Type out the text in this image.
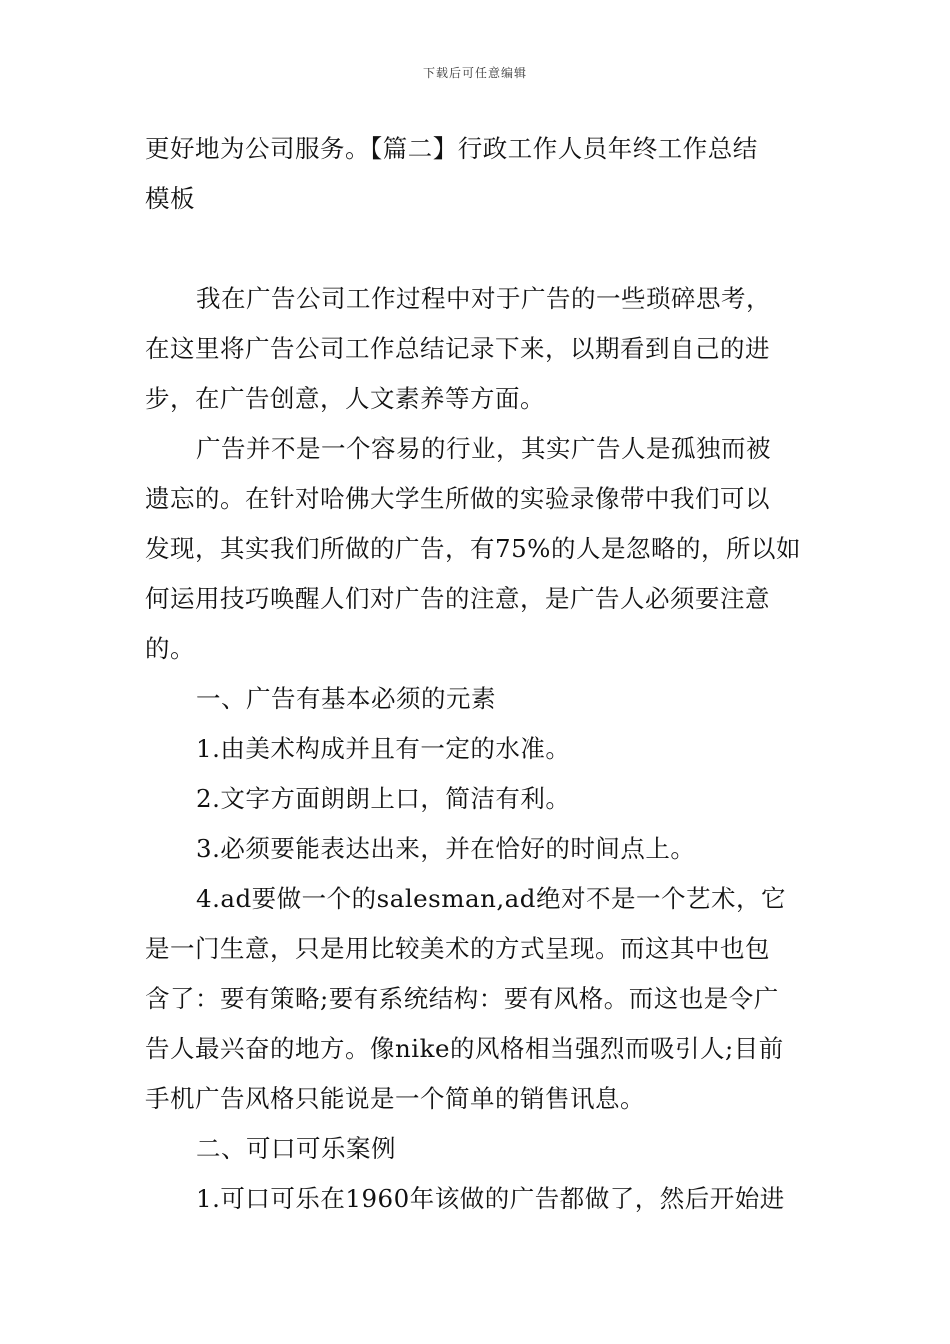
下载后可任意编辑
更好地为公司服务。【篇二】行政工作人员年终工作总结
模板
我在广告公司工作过程中对于广告的一些琐碎思考，
在这里将广告公司工作总结记录下来，以期看到自己的进
步，在广告创意，人文素养等方面。
广告并不是一个容易的行业，其实广告人是孤独而被
遗忘的。在针对哈佛大学生所做的实验录像带中我们可以
发现，其实我们所做的广告，有75%的人是忽略的，所以如
何运用技巧唤醒人们对广告的注意，是广告人必须要注意
的。
一、广告有基本必须的元素
1.由美术构成并且有一定的水准。
2.文字方面朗朗上口，简洁有利。
3.必须要能表达出来，并在恰好的时间点上。
4.ad要做一个的salesman,ad绝对不是一个艺术，它
是一门生意，只是用比较美术的方式呈现。而这其中也包
含了：要有策略;要有系统结构：要有风格。而这也是令广
告人最兴奋的地方。像nike的风格相当强烈而吸引人;目前
手机广告风格只能说是一个简单的销售讯息。
二、可口可乐案例
1.可口可乐在1960年该做的广告都做了，然后开始进
